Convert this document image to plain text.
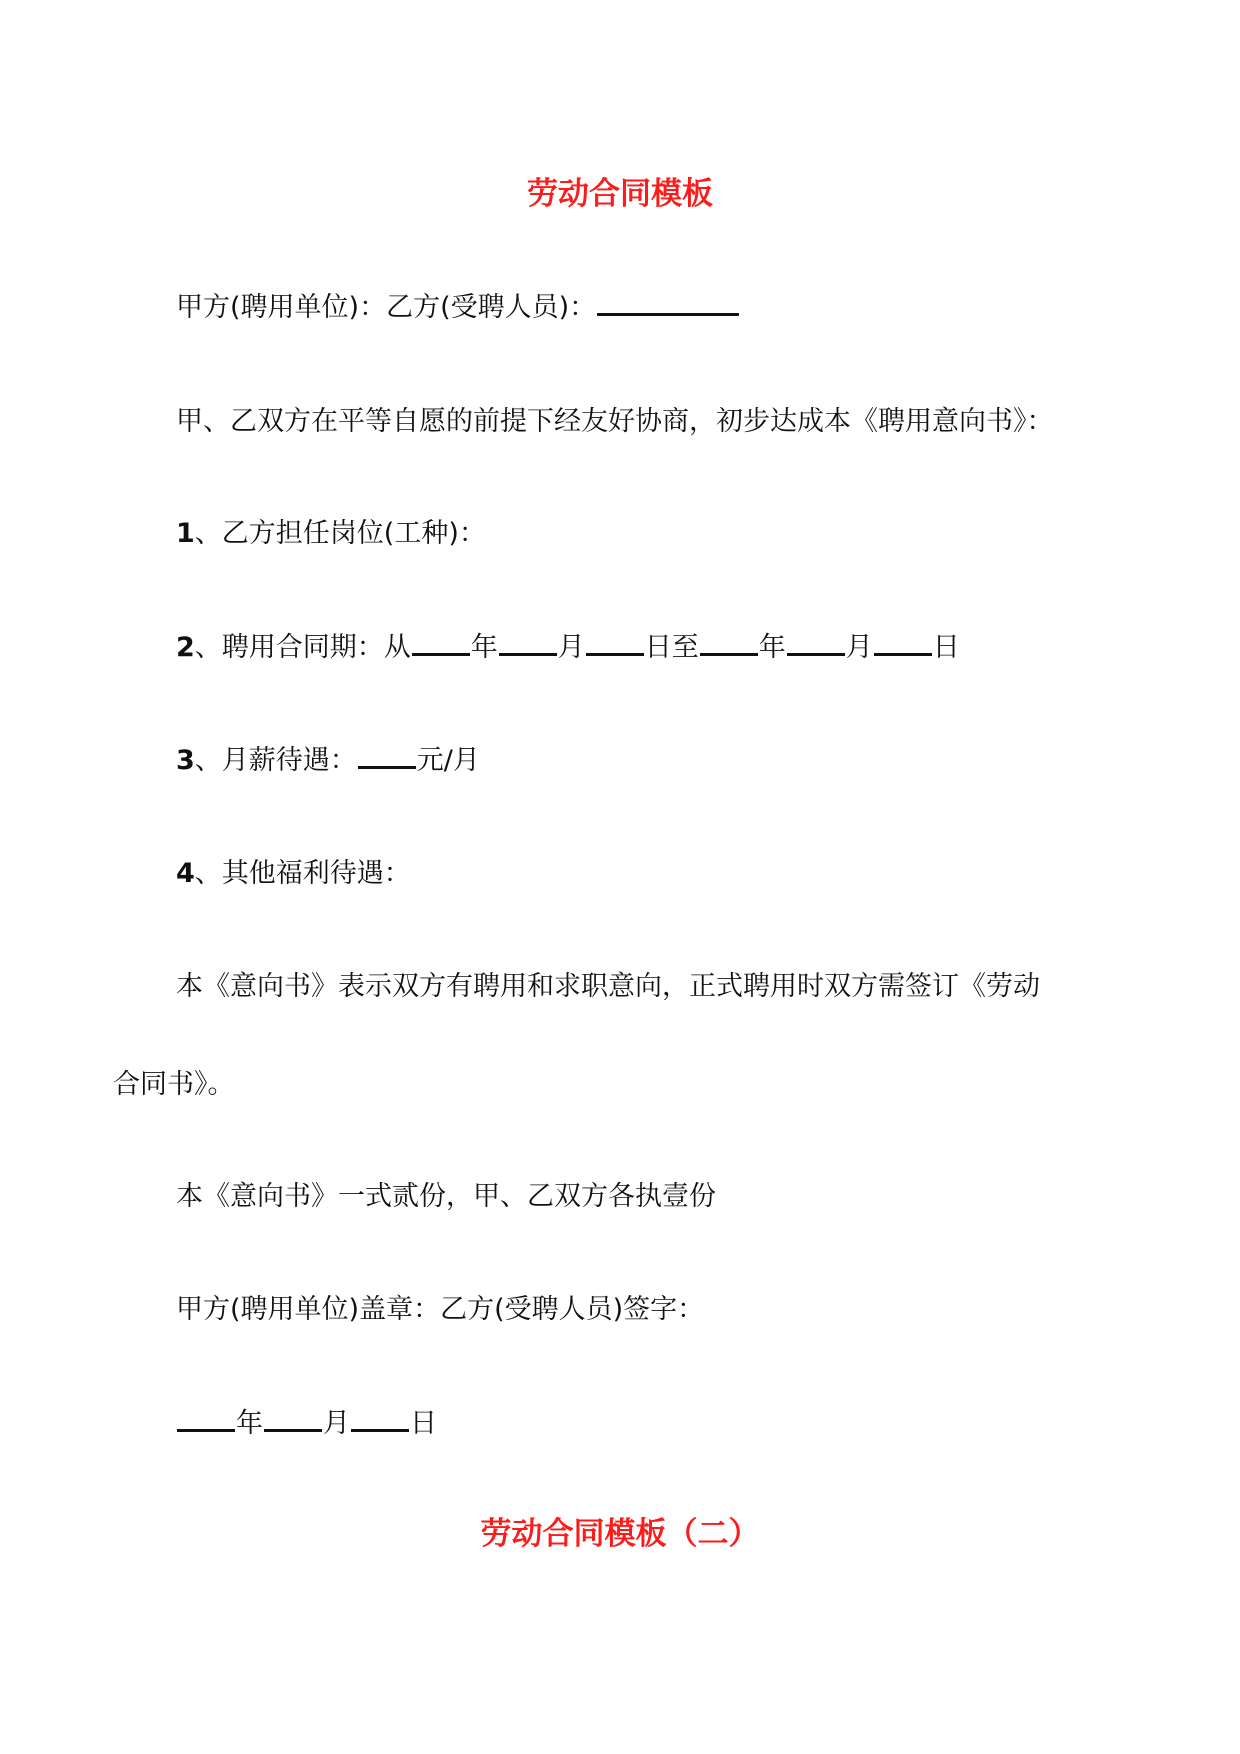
劳动合同模板

甲方(聘用单位)：乙方(受聘人员)：

甲、乙双方在平等自愿的前提下经友好协商，初步达成本《聘用意向书》：

1、乙方担任岗位(工种)：

2、聘用合同期：从 年 月 日至 年 月 日

3、月薪待遇： 元/月

4、其他福利待遇：

本《意向书》表示双方有聘用和求职意向，正式聘用时双方需签订《劳动

合同书》。

本《意向书》一式贰份，甲、乙双方各执壹份

甲方(聘用单位)盖章：乙方(受聘人员)签字：

年 月 日

劳动合同模板（二）
